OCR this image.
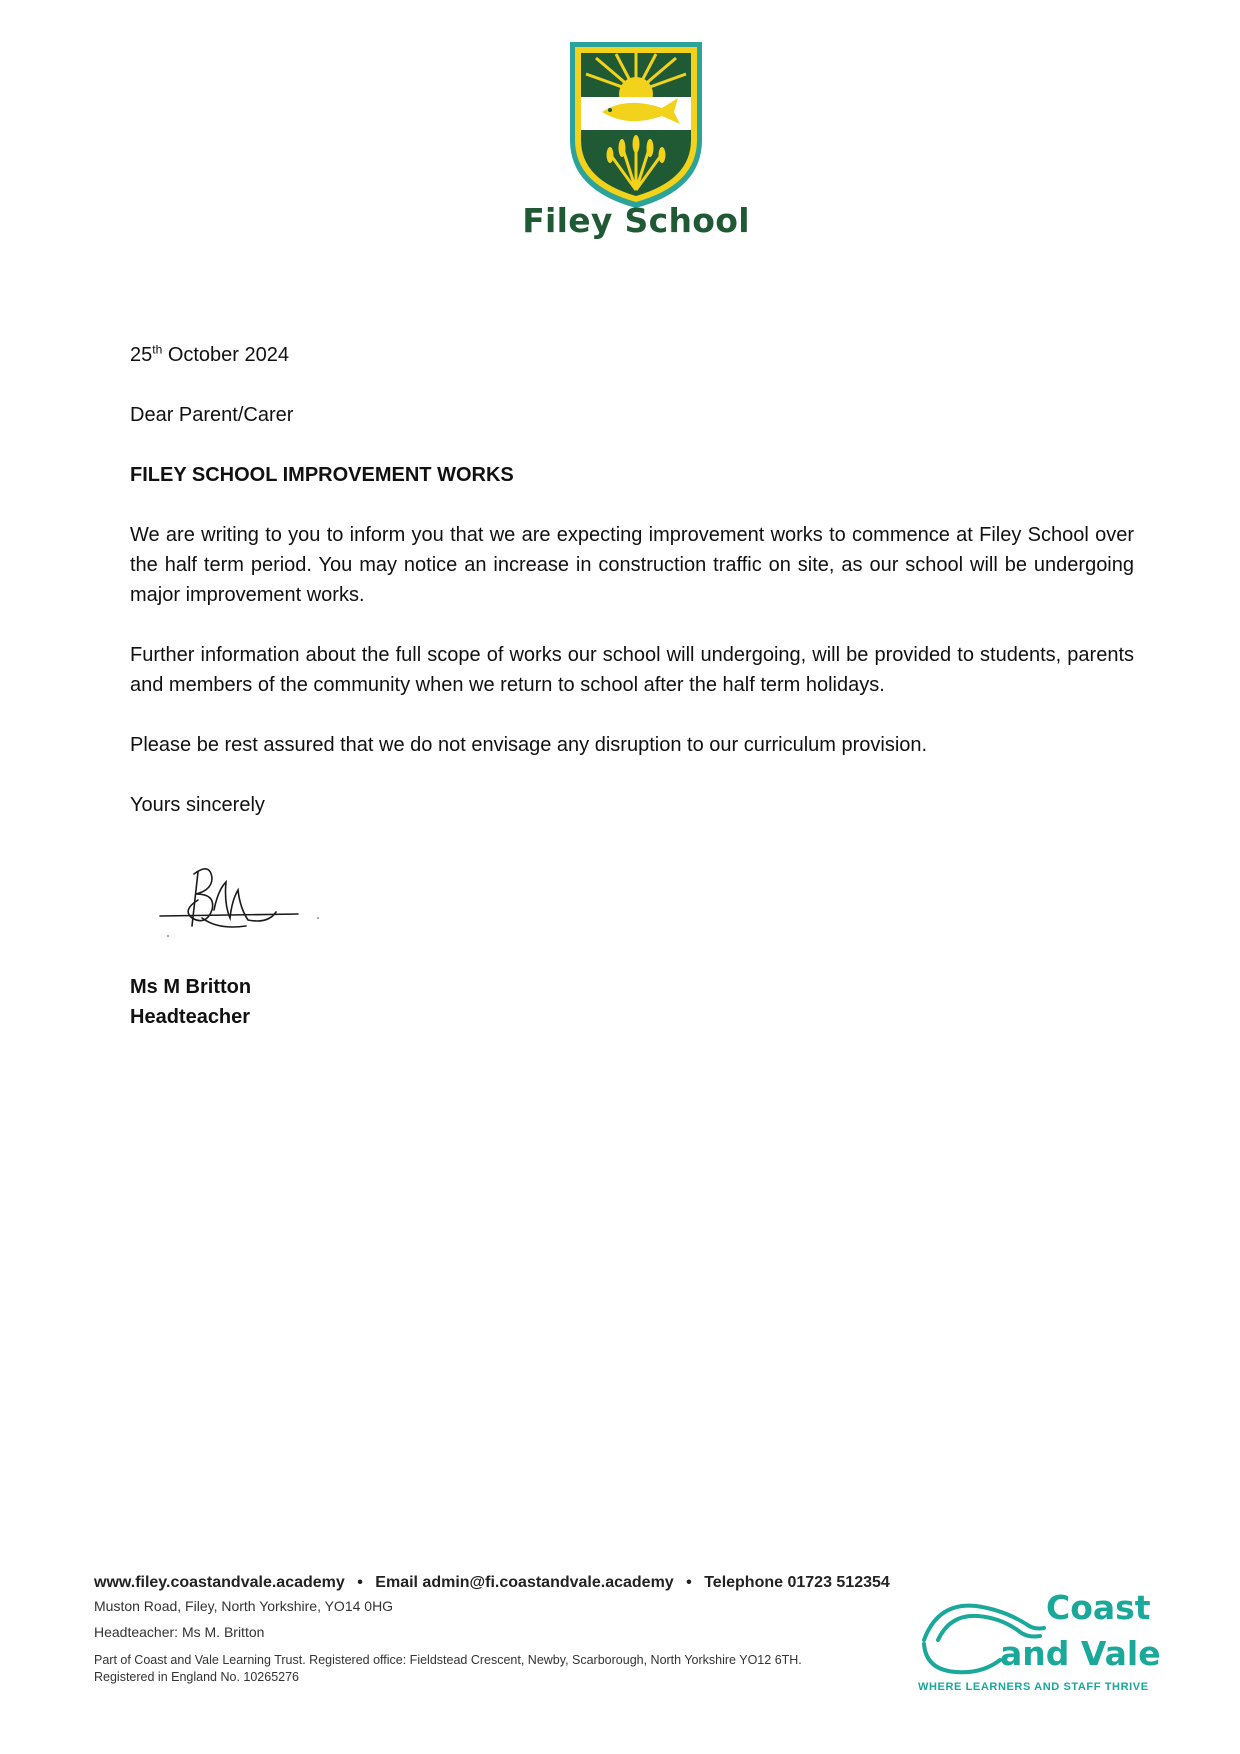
Filey School

25th October 2024

Dear Parent/Carer

FILEY SCHOOL IMPROVEMENT WORKS

We are writing to you to inform you that we are expecting improvement works to commence at Filey School over the half term period. You may notice an increase in construction traffic on site, as our school will be undergoing major improvement works.

Further information about the full scope of works our school will undergoing, will be provided to students, parents and members of the community when we return to school after the half term holidays.

Please be rest assured that we do not envisage any disruption to our curriculum provision.

Yours sincerely

Ms M Britton
Headteacher
www.filey.coastandvale.academy • Email admin@fi.coastandvale.academy • Telephone 01723 512354
Muston Road, Filey, North Yorkshire, YO14 0HG
Headteacher: Ms M. Britton
Part of Coast and Vale Learning Trust. Registered office: Fieldstead Crescent, Newby, Scarborough, North Yorkshire YO12 6TH.
Registered in England No. 10265276
Coast
and Vale
WHERE LEARNERS AND STAFF THRIVE
